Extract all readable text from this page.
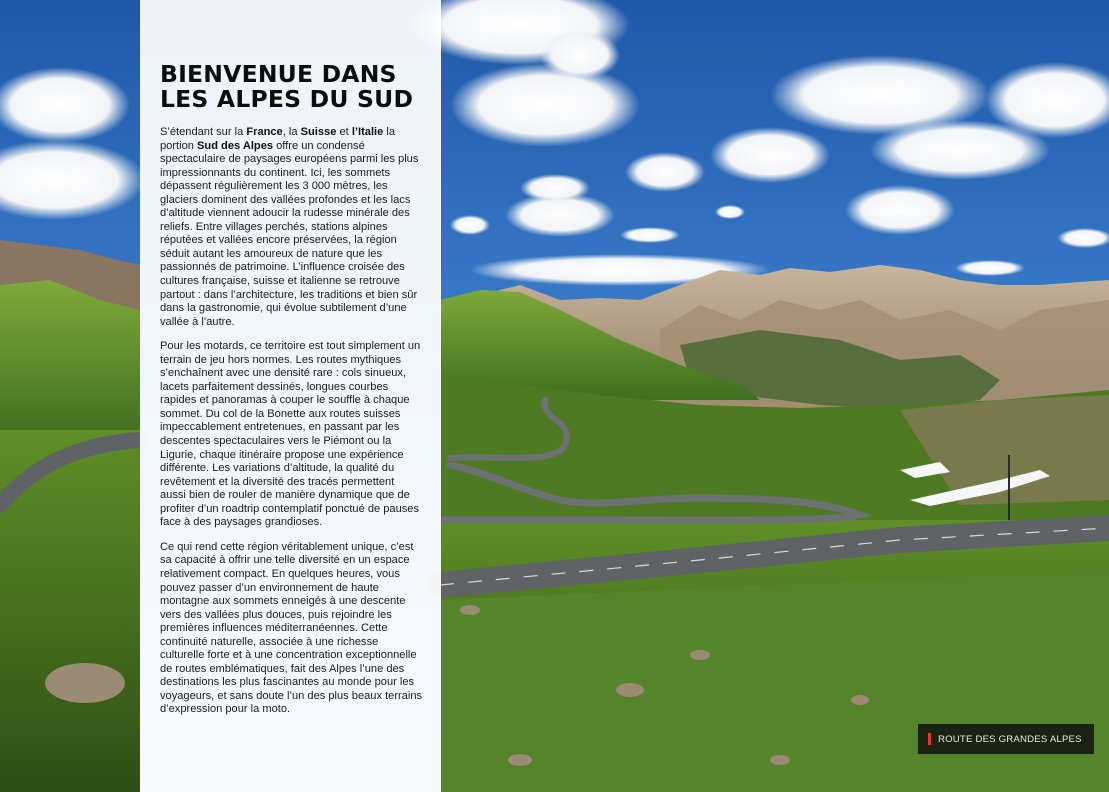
BIENVENUE DANS
LES ALPES DU SUD

S’étendant sur la France, la Suisse et l’Italie la portion Sud des Alpes offre un condensé spectaculaire de paysages européens parmi les plus impressionnants du continent. Ici, les sommets dépassent régulièrement les 3 000 mètres, les glaciers dominent des vallées profondes et les lacs d’altitude viennent adoucir la rudesse minérale des reliefs. Entre villages perchés, stations alpines réputées et vallées encore préservées, la région séduit autant les amoureux de nature que les passionnés de patrimoine. L’influence croisée des cultures française, suisse et italienne se retrouve partout : dans l’architecture, les traditions et bien sûr dans la gastronomie, qui évolue subtilement d’une vallée à l’autre.

Pour les motards, ce territoire est tout simplement un terrain de jeu hors normes. Les routes mythiques s’enchaînent avec une densité rare : cols sinueux, lacets parfaitement dessinés, longues courbes rapides et panoramas à couper le souffle à chaque sommet. Du col de la Bonette aux routes suisses impeccablement entretenues, en passant par les descentes spectaculaires vers le Piémont ou la Ligurie, chaque itinéraire propose une expérience différente. Les variations d’altitude, la qualité du revêtement et la diversité des tracés permettent aussi bien de rouler de manière dynamique que de profiter d’un roadtrip contemplatif ponctué de pauses face à des paysages grandioses.

Ce qui rend cette région véritablement unique, c’est sa capacité à offrir une telle diversité en un espace relativement compact. En quelques heures, vous pouvez passer d’un environnement de haute montagne aux sommets enneigés à une descente vers des vallées plus douces, puis rejoindre les premières influences méditerranéennes. Cette continuité naturelle, associée à une richesse culturelle forte et à une concentration exceptionnelle de routes emblématiques, fait des Alpes l’une des destinations les plus fascinantes au monde pour les voyageurs, et sans doute l’un des plus beaux terrains d’expression pour la moto.

ROUTE DES GRANDES ALPES
